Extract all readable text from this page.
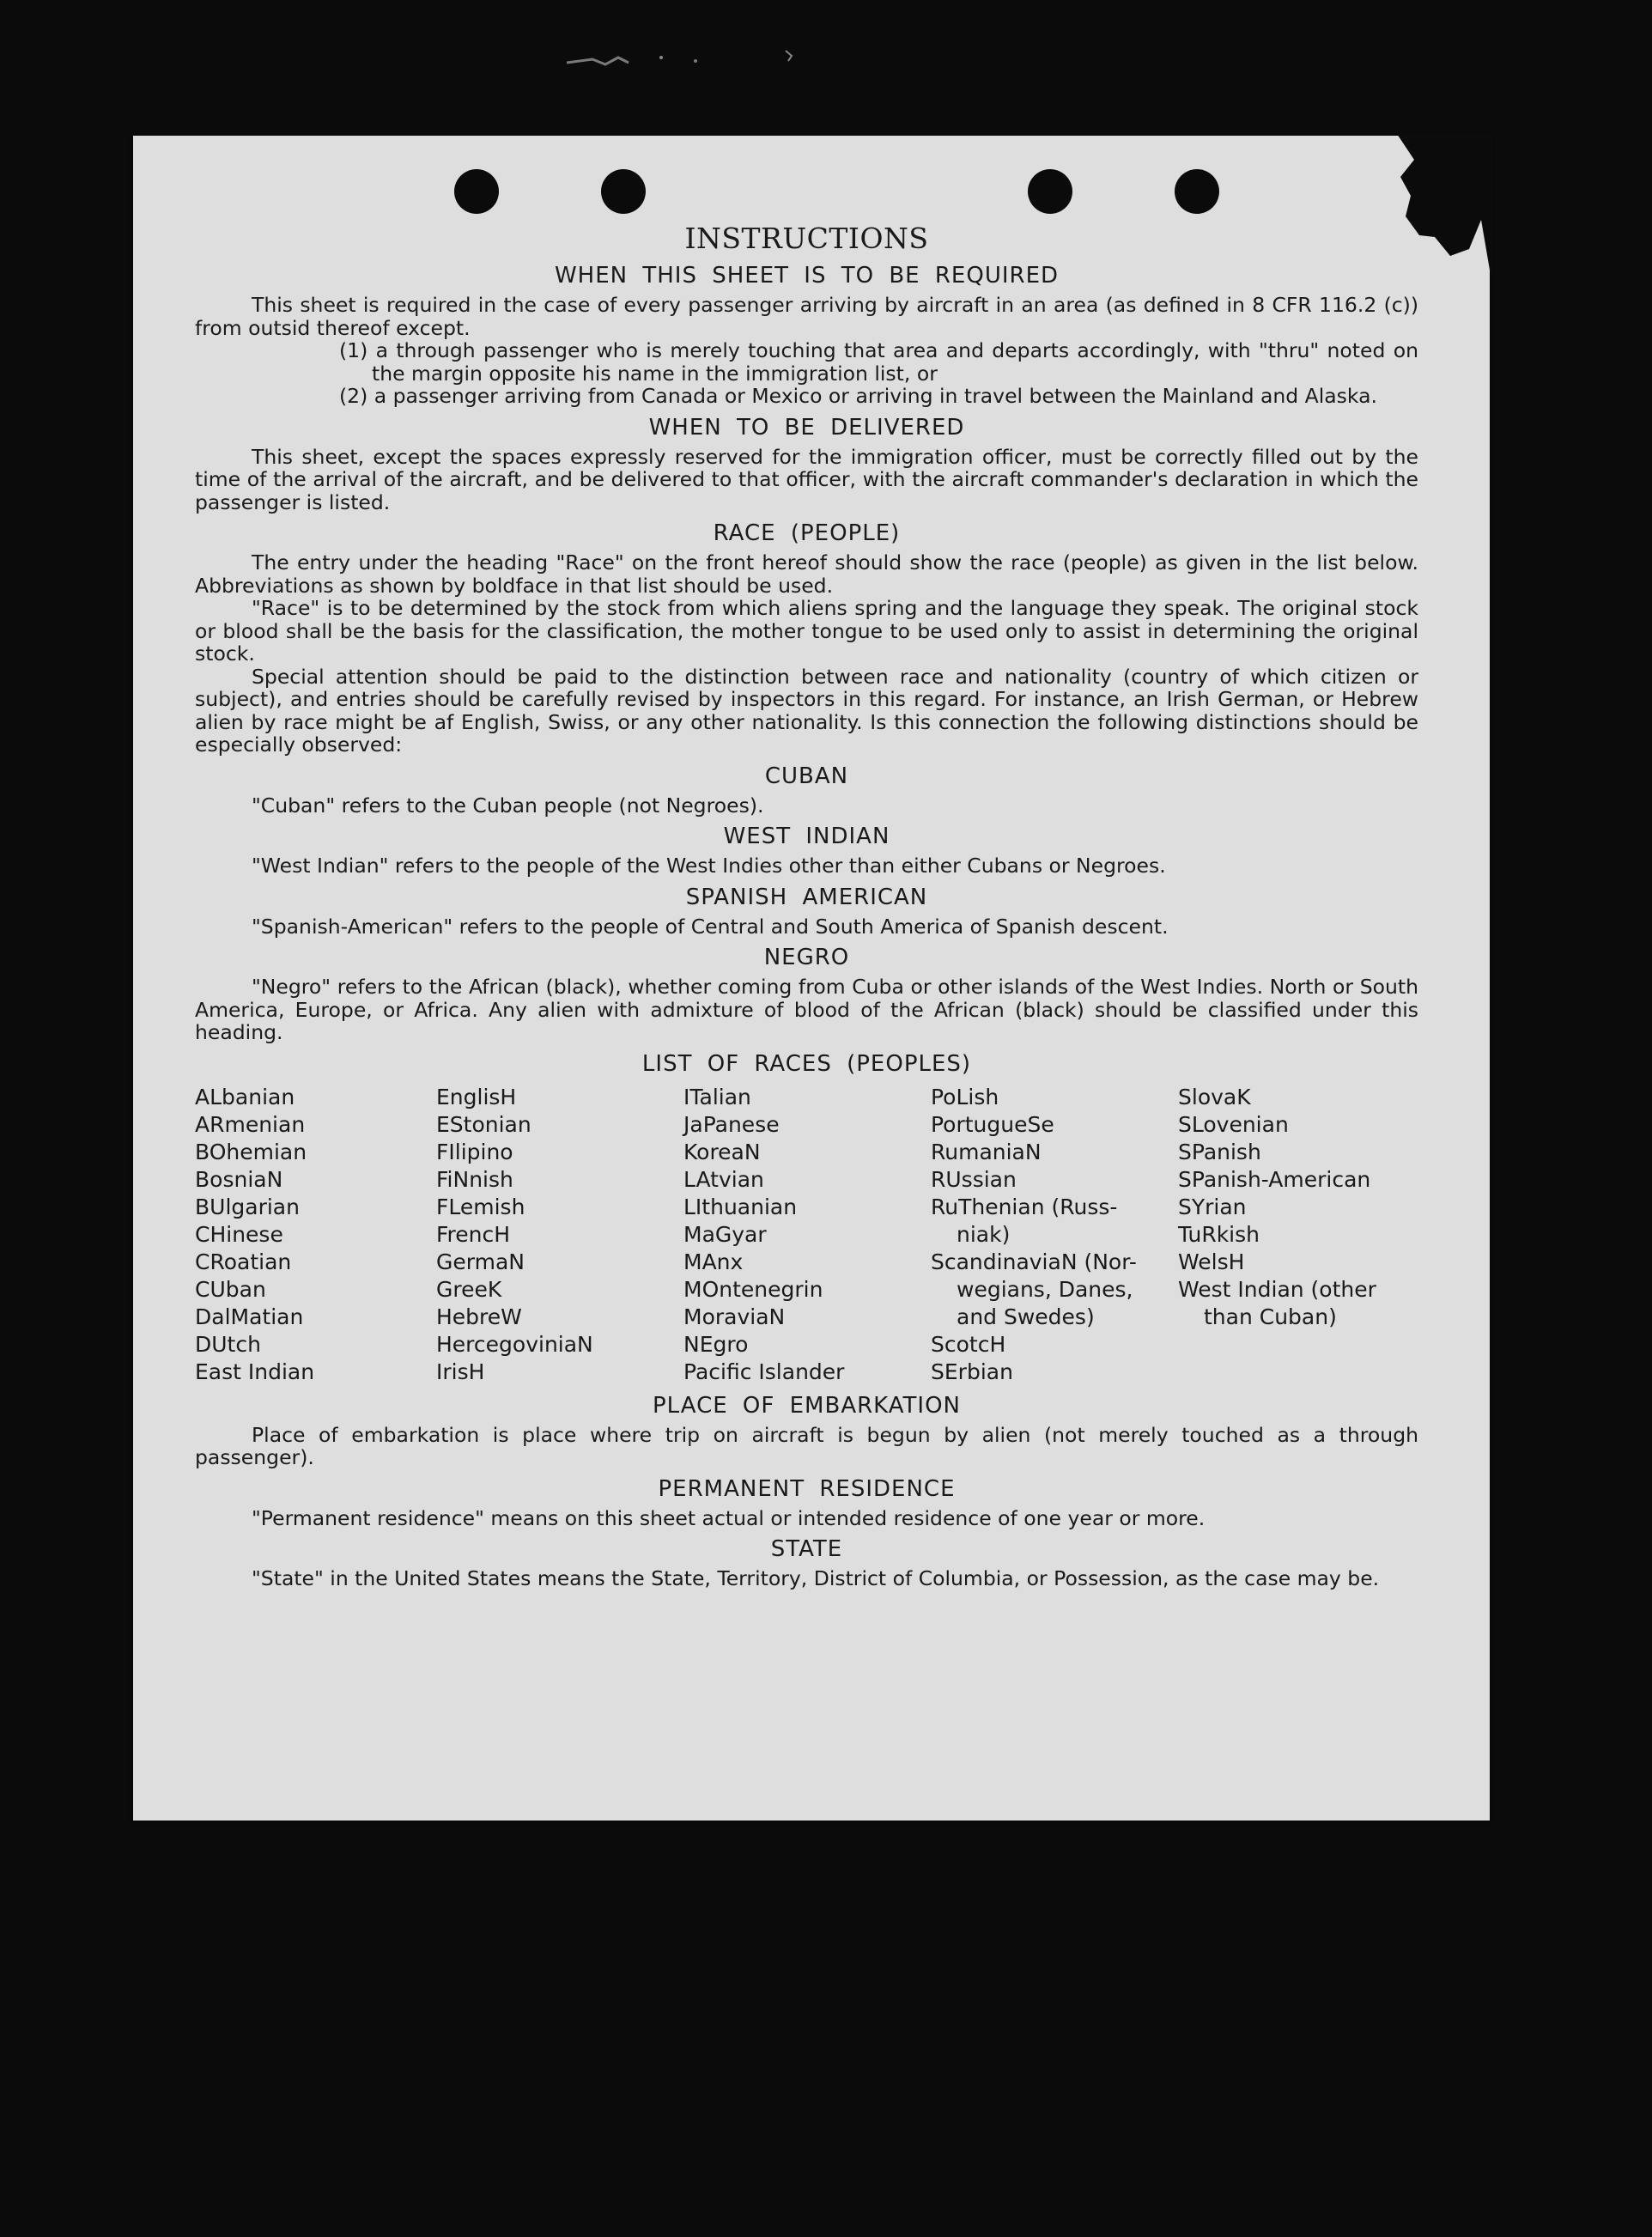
INSTRUCTIONS
WHEN THIS SHEET IS TO BE REQUIRED

This sheet is required in the case of every passenger arriving by aircraft in an area (as defined in 8 CFR 116.2 (c)) from outsid thereof except.

(1) a through passenger who is merely touching that area and departs accordingly, with "thru" noted on the margin opposite his name in the immigration list, or

(2) a passenger arriving from Canada or Mexico or arriving in travel between the Mainland and Alaska.

WHEN TO BE DELIVERED

This sheet, except the spaces expressly reserved for the immigration officer, must be correctly filled out by the time of the arrival of the aircraft, and be delivered to that officer, with the aircraft commander's declaration in which the passenger is listed.

RACE (PEOPLE)

The entry under the heading "Race" on the front hereof should show the race (people) as given in the list below. Abbreviations as shown by boldface in that list should be used.

"Race" is to be determined by the stock from which aliens spring and the language they speak. The original stock or blood shall be the basis for the classification, the mother tongue to be used only to assist in determining the original stock.

Special attention should be paid to the distinction between race and nationality (country of which citizen or subject), and entries should be carefully revised by inspectors in this regard. For instance, an Irish German, or Hebrew alien by race might be af English, Swiss, or any other nationality. Is this connection the following distinctions should be especially observed:

CUBAN

"Cuban" refers to the Cuban people (not Negroes).

WEST INDIAN

"West Indian" refers to the people of the West Indies other than either Cubans or Negroes.

SPANISH AMERICAN

"Spanish-American" refers to the people of Central and South America of Spanish descent.

NEGRO

"Negro" refers to the African (black), whether coming from Cuba or other islands of the West Indies. North or South America, Europe, or Africa. Any alien with admixture of blood of the African (black) should be classified under this heading.

LIST OF RACES (PEOPLES)
ALbanian
ARmenian
BOhemian
BosniaN
BUlgarian
CHinese
CRoatian
CUban
DalMatian
DUtch
East Indian
EnglisH
EStonian
FIlipino
FiNnish
FLemish
FrencH
GermaN
GreeK
HebreW
HercegoviniaN
IrisH
ITalian
JaPanese
KoreaN
LAtvian
LIthuanian
MaGyar
MAnx
MOntenegrin
MoraviaN
NEgro
Pacific Islander
PoLish
PortugueSe
RumaniaN
RUssian
RuThenian (Russ-
niak)
ScandinaviaN (Nor-
wegians, Danes,
and Swedes)
ScotcH
SErbian
SlovaK
SLovenian
SPanish
SPanish-American
SYrian
TuRkish
WelsH
West Indian (other
than Cuban)
PLACE OF EMBARKATION

Place of embarkation is place where trip on aircraft is begun by alien (not merely touched as a through passenger).

PERMANENT RESIDENCE

"Permanent residence" means on this sheet actual or intended residence of one year or more.

STATE

"State" in the United States means the State, Territory, District of Columbia, or Possession, as the case may be.
